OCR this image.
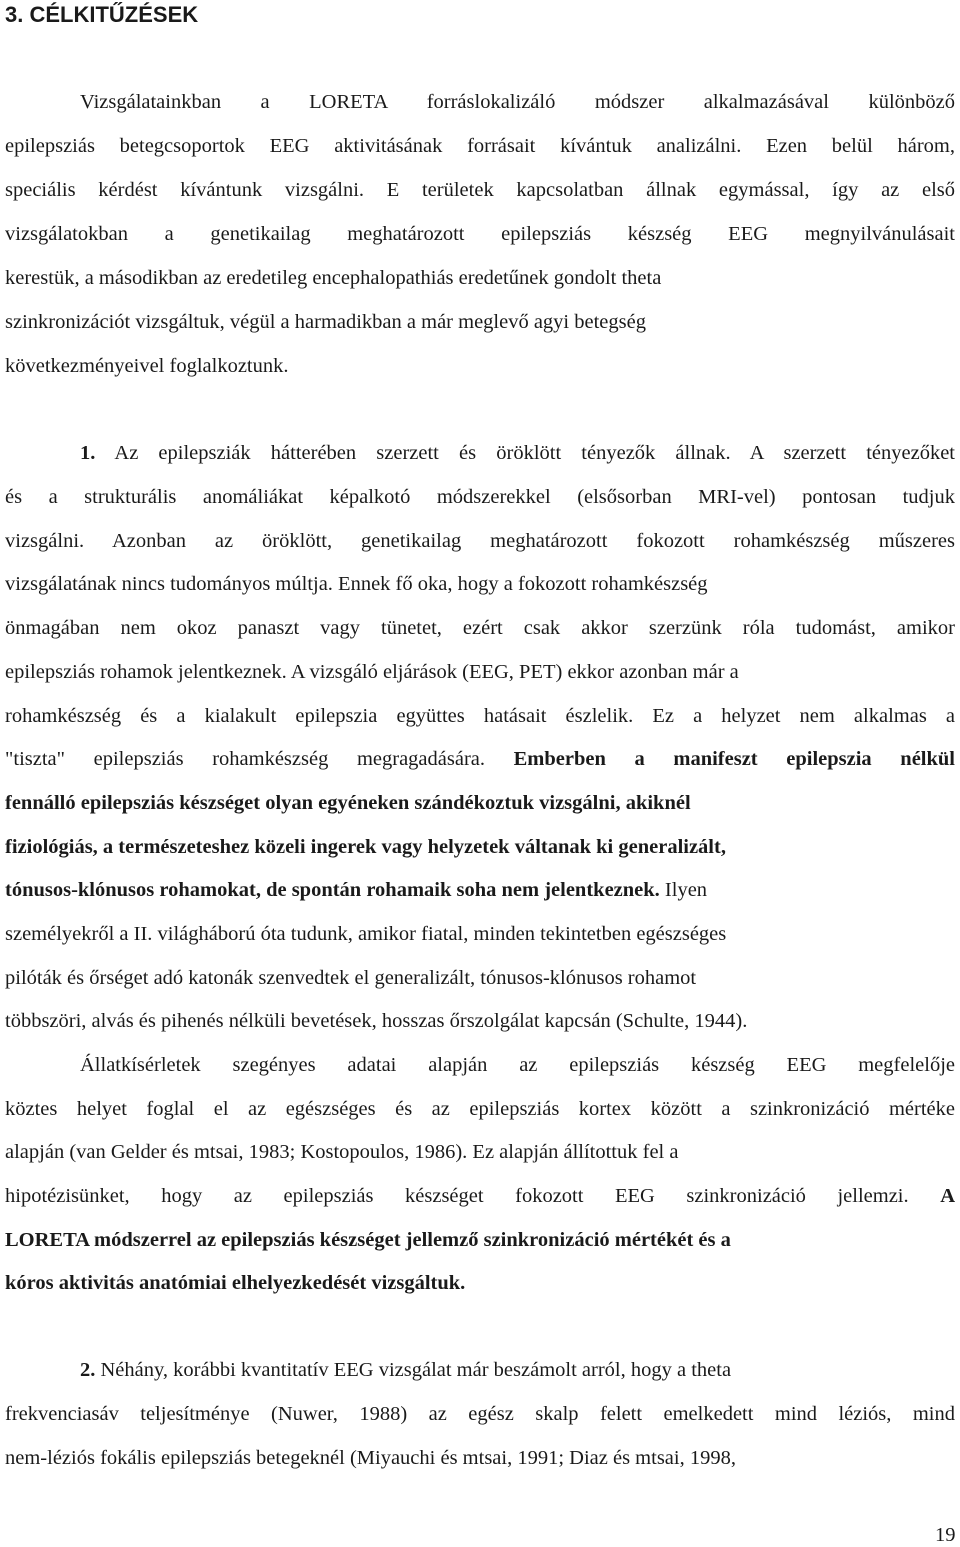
3. CÉLKITŰZÉSEK
Vizsgálatainkban a LORETA forráslokalizáló módszer alkalmazásával különböző
epilepsziás betegcsoportok EEG aktivitásának forrásait kívántuk analizálni. Ezen belül három,
speciális kérdést kívántunk vizsgálni. E területek kapcsolatban állnak egymással, így az első
vizsgálatokban a genetikailag meghatározott epilepsziás készség EEG megnyilvánulásait
kerestük, a másodikban az eredetileg encephalopathiás eredetűnek gondolt theta
szinkronizációt vizsgáltuk, végül a harmadikban a már meglevő agyi betegség
következményeivel foglalkoztunk.
1. Az epilepsziák hátterében szerzett és öröklött tényezők állnak. A szerzett tényezőket
és a strukturális anomáliákat képalkotó módszerekkel (elsősorban MRI-vel) pontosan tudjuk
vizsgálni. Azonban az öröklött, genetikailag meghatározott fokozott rohamkészség műszeres
vizsgálatának nincs tudományos múltja. Ennek fő oka, hogy a fokozott rohamkészség
önmagában nem okoz panaszt vagy tünetet, ezért csak akkor szerzünk róla tudomást, amikor
epilepsziás rohamok jelentkeznek. A vizsgáló eljárások (EEG, PET) ekkor azonban már a
rohamkészség és a kialakult epilepszia együttes hatásait észlelik. Ez a helyzet nem alkalmas a
"tiszta" epilepsziás rohamkészség megragadására. Emberben a manifeszt epilepszia nélkül
fennálló epilepsziás készséget olyan egyéneken szándékoztuk vizsgálni, akiknél
fiziológiás, a természeteshez közeli ingerek vagy helyzetek váltanak ki generalizált,
tónusos-klónusos rohamokat, de spontán rohamaik soha nem jelentkeznek. Ilyen
személyekről a II. világháború óta tudunk, amikor fiatal, minden tekintetben egészséges
pilóták és őrséget adó katonák szenvedtek el generalizált, tónusos-klónusos rohamot
többszöri, alvás és pihenés nélküli bevetések, hosszas őrszolgálat kapcsán (Schulte, 1944).
Állatkísérletek szegényes adatai alapján az epilepsziás készség EEG megfelelője
köztes helyet foglal el az egészséges és az epilepsziás kortex között a szinkronizáció mértéke
alapján (van Gelder és mtsai, 1983; Kostopoulos, 1986). Ez alapján állítottuk fel a
hipotézisünket, hogy az epilepsziás készséget fokozott EEG szinkronizáció jellemzi. A
LORETA módszerrel az epilepsziás készséget jellemző szinkronizáció mértékét és a
kóros aktivitás anatómiai elhelyezkedését vizsgáltuk.
2. Néhány, korábbi kvantitatív EEG vizsgálat már beszámolt arról, hogy a theta
frekvenciasáv teljesítménye (Nuwer, 1988) az egész skalp felett emelkedett mind léziós, mind
nem-léziós fokális epilepsziás betegeknél (Miyauchi és mtsai, 1991; Diaz és mtsai, 1998,
19
